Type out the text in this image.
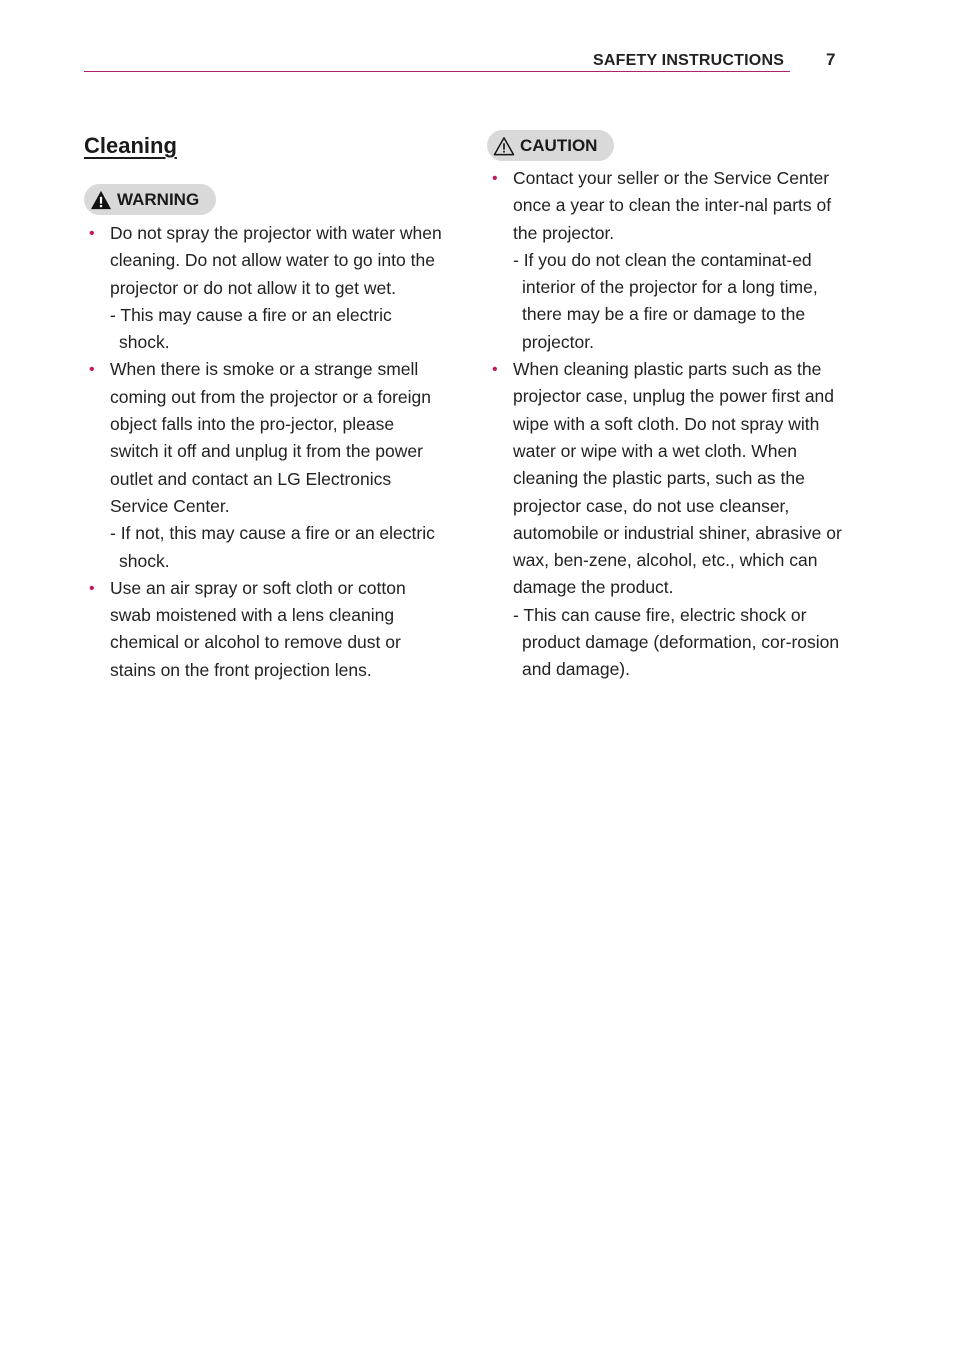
SAFETY INSTRUCTIONS 7
Cleaning
WARNING
• Do not spray the projector with water when cleaning. Do not allow water to go into the projector or do not allow it to get wet.

- This may cause a fire or an electric shock.

• When there is smoke or a strange smell coming out from the projector or a foreign object falls into the pro-jector, please switch it off and unplug it from the power outlet and contact an LG Electronics Service Center.

- If not, this may cause a fire or an electric shock.

• Use an air spray or soft cloth or cotton swab moistened with a lens cleaning chemical or alcohol to remove dust or stains on the front projection lens.

CAUTION
• Contact your seller or the Service Center once a year to clean the inter-nal parts of the projector.

- If you do not clean the contaminat-ed interior of the projector for a long time, there may be a fire or damage to the projector.

• When cleaning plastic parts such as the projector case, unplug the power first and wipe with a soft cloth. Do not spray with water or wipe with a wet cloth. When cleaning the plastic parts, such as the projector case, do not use cleanser, automobile or industrial shiner, abrasive or wax, ben-zene, alcohol, etc., which can damage the product.

- This can cause fire, electric shock or product damage (deformation, cor-rosion and damage).
